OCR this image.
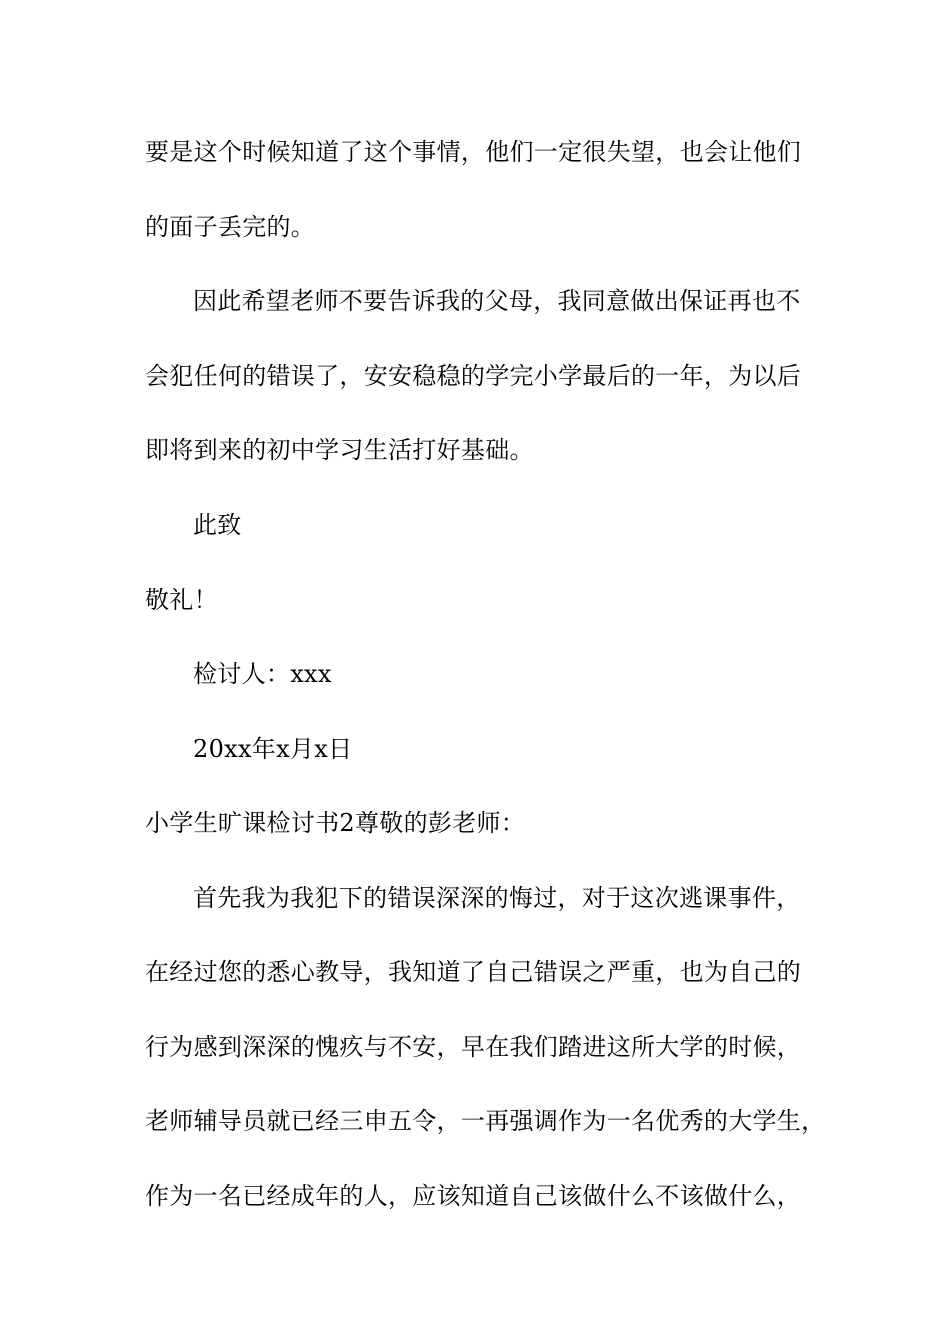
要是这个时候知道了这个事情，他们一定很失望，也会让他们
的面子丢完的。
因此希望老师不要告诉我的父母，我同意做出保证再也不
会犯任何的错误了，安安稳稳的学完小学最后的一年，为以后
即将到来的初中学习生活打好基础。
此致
敬礼！
检讨人：xxx
20xx年x月x日
小学生旷课检讨书2尊敬的彭老师：
首先我为我犯下的错误深深的悔过，对于这次逃课事件，
在经过您的悉心教导，我知道了自己错误之严重，也为自己的
行为感到深深的愧疚与不安，早在我们踏进这所大学的时候，
老师辅导员就已经三申五令，一再强调作为一名优秀的大学生，
作为一名已经成年的人，应该知道自己该做什么不该做什么，
